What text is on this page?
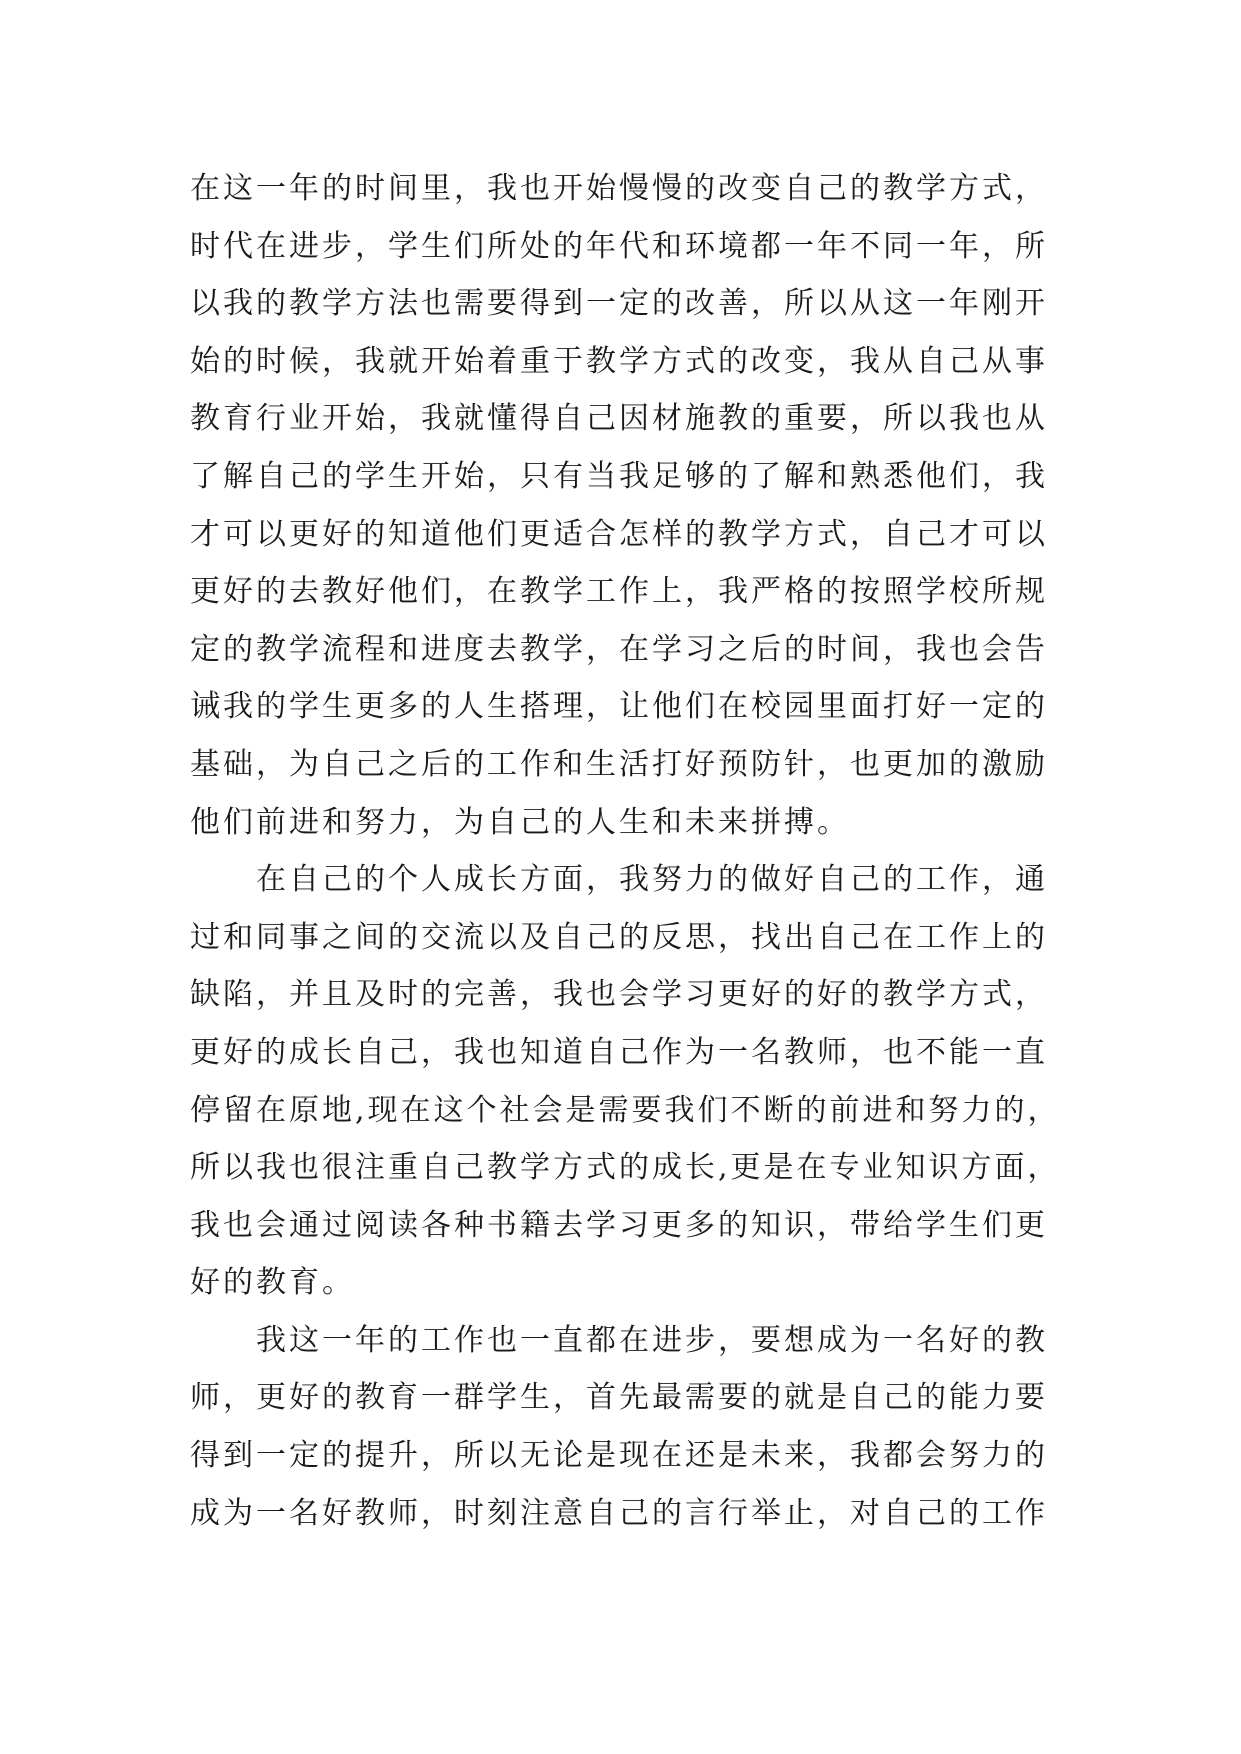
在这一年的时间里，我也开始慢慢的改变自己的教学方式，
时代在进步，学生们所处的年代和环境都一年不同一年，所
以我的教学方法也需要得到一定的改善，所以从这一年刚开
始的时候，我就开始着重于教学方式的改变，我从自己从事
教育行业开始，我就懂得自己因材施教的重要，所以我也从
了解自己的学生开始，只有当我足够的了解和熟悉他们，我
才可以更好的知道他们更适合怎样的教学方式，自己才可以
更好的去教好他们，在教学工作上，我严格的按照学校所规
定的教学流程和进度去教学，在学习之后的时间，我也会告
诫我的学生更多的人生搭理，让他们在校园里面打好一定的
基础，为自己之后的工作和生活打好预防针，也更加的激励
他们前进和努力，为自己的人生和未来拼搏。
在自己的个人成长方面，我努力的做好自己的工作，通
过和同事之间的交流以及自己的反思，找出自己在工作上的
缺陷，并且及时的完善，我也会学习更好的好的教学方式，
更好的成长自己，我也知道自己作为一名教师，也不能一直
停留在原地,现在这个社会是需要我们不断的前进和努力的，
所以我也很注重自己教学方式的成长,更是在专业知识方面，
我也会通过阅读各种书籍去学习更多的知识，带给学生们更
好的教育。
我这一年的工作也一直都在进步，要想成为一名好的教
师，更好的教育一群学生，首先最需要的就是自己的能力要
得到一定的提升，所以无论是现在还是未来，我都会努力的
成为一名好教师，时刻注意自己的言行举止，对自己的工作
